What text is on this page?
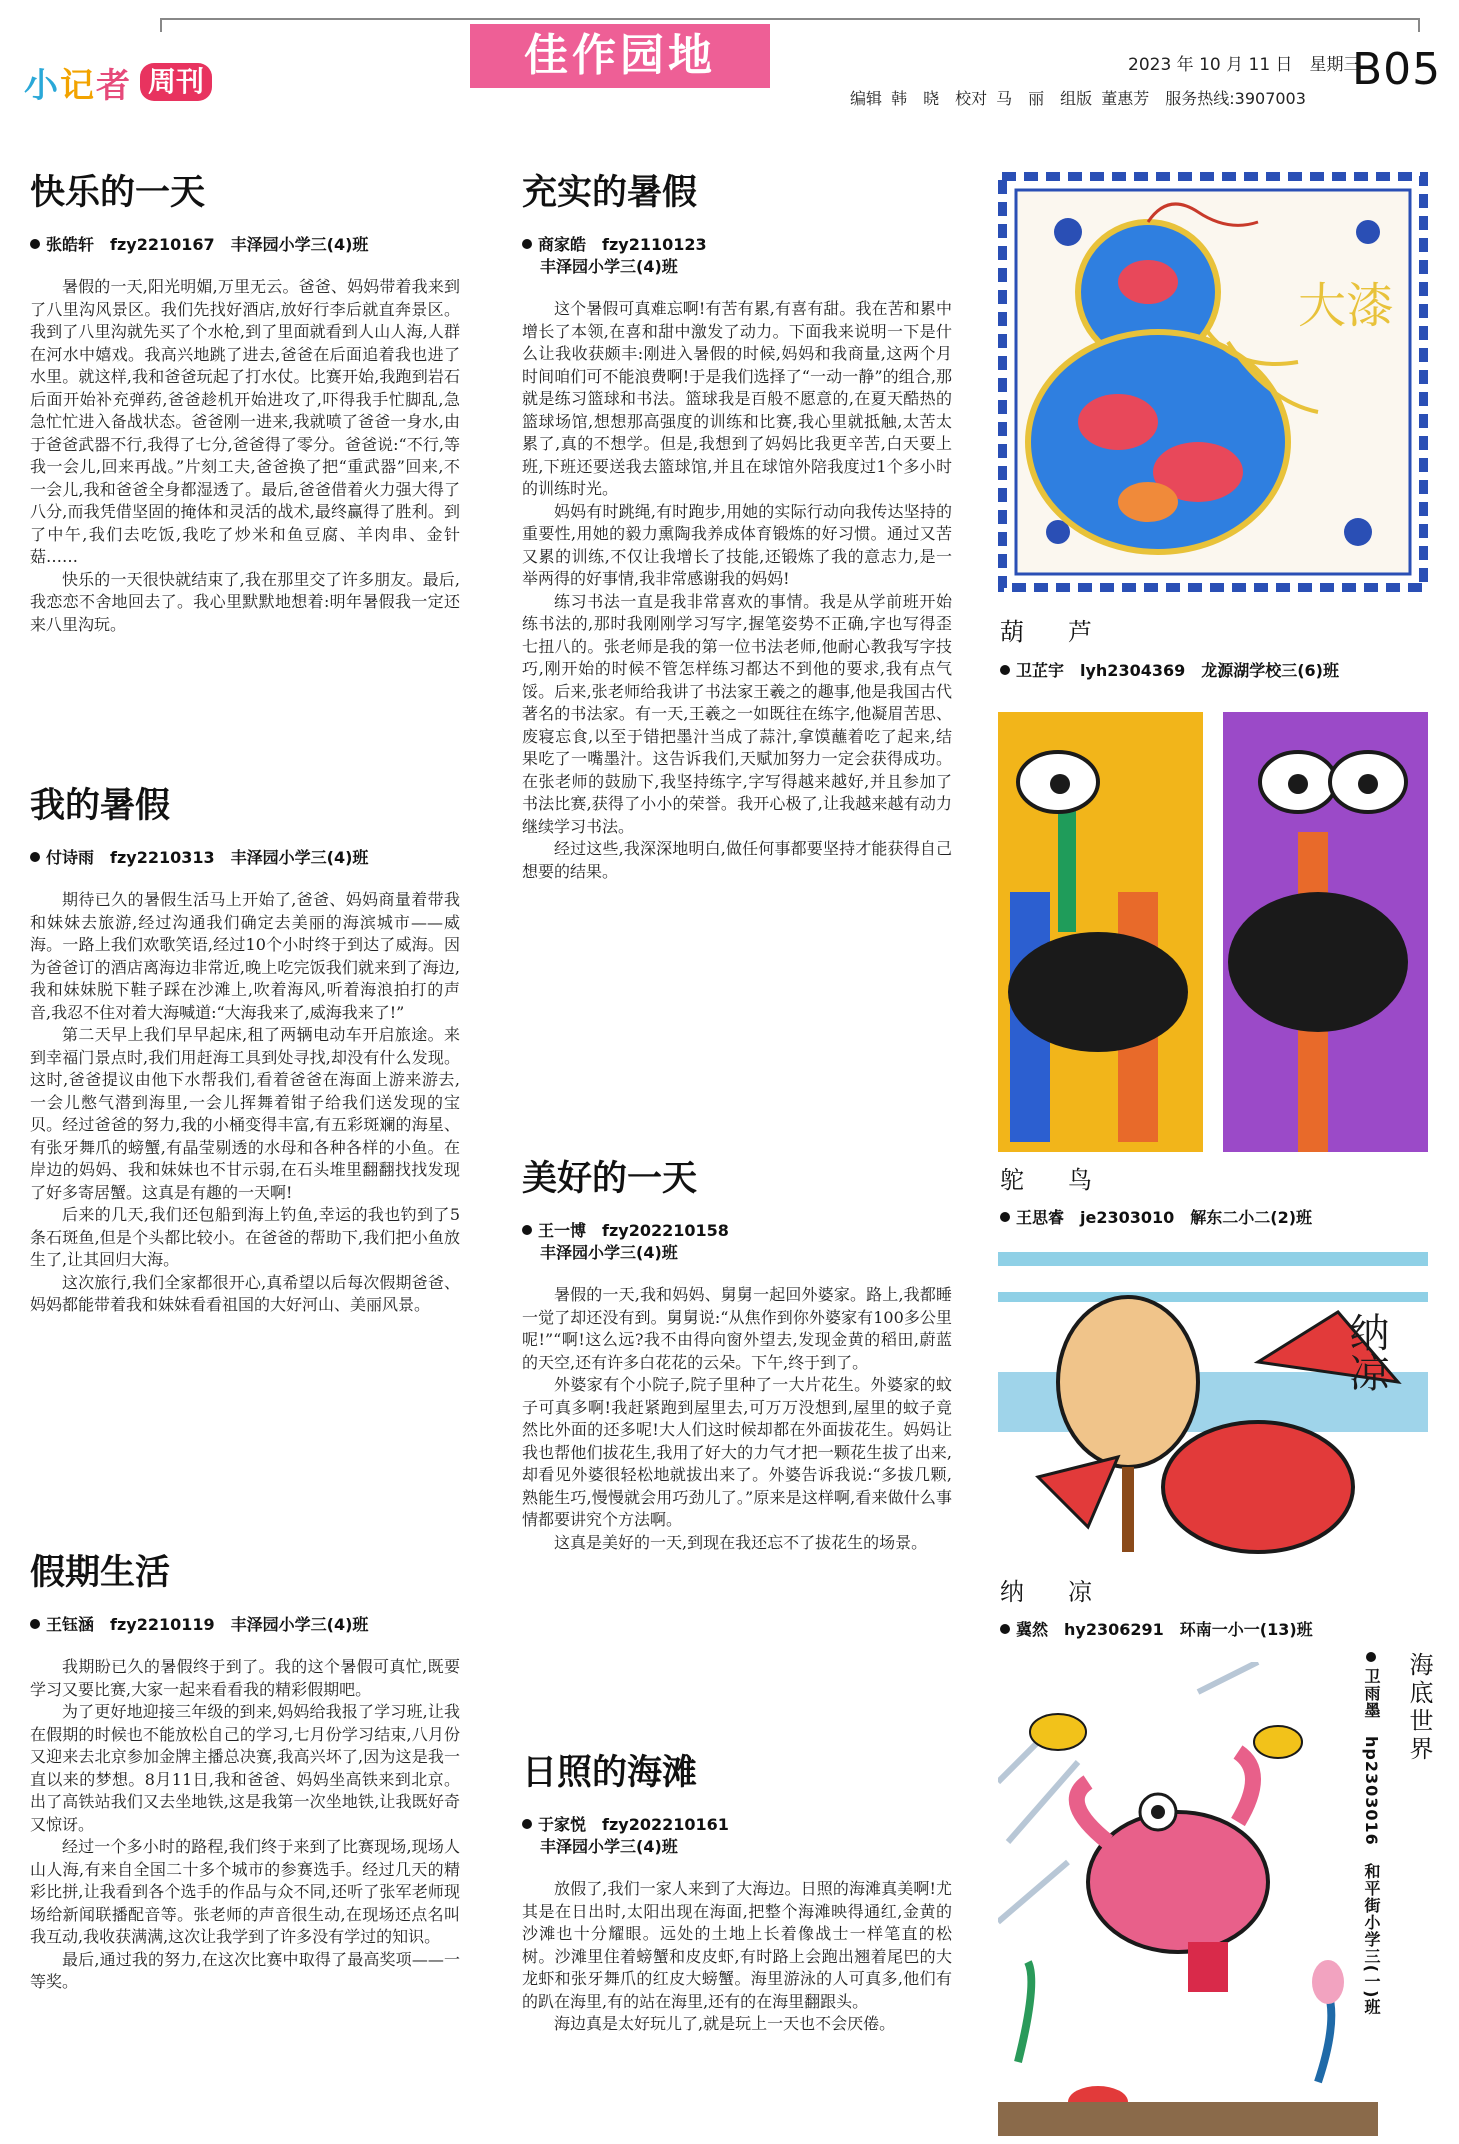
小 记 者 周刊
佳作园地	2023 年 10 月 11 日　星期三
B05
编辑 韩　晓　校对 马　丽　组版 董惠芳　服务热线:3907003
快乐的一天
张皓轩　fzy2210167　丰泽园小学三(4)班

暑假的一天,阳光明媚,万里无云。爸爸、妈妈带着我来到了八里沟风景区。我们先找好酒店,放好行李后就直奔景区。我到了八里沟就先买了个水枪,到了里面就看到人山人海,人群在河水中嬉戏。我高兴地跳了进去,爸爸在后面追着我也进了水里。就这样,我和爸爸玩起了打水仗。比赛开始,我跑到岩石后面开始补充弹药,爸爸趁机开始进攻了,吓得我手忙脚乱,急急忙忙进入备战状态。爸爸刚一进来,我就喷了爸爸一身水,由于爸爸武器不行,我得了七分,爸爸得了零分。爸爸说:“不行,等我一会儿,回来再战。”片刻工夫,爸爸换了把“重武器”回来,不一会儿,我和爸爸全身都湿透了。最后,爸爸借着火力强大得了八分,而我凭借坚固的掩体和灵活的战术,最终赢得了胜利。到了中午,我们去吃饭,我吃了炒米和鱼豆腐、羊肉串、金针菇……

快乐的一天很快就结束了,我在那里交了许多朋友。最后,我恋恋不舍地回去了。我心里默默地想着:明年暑假我一定还来八里沟玩。

我的暑假
付诗雨　fzy2210313　丰泽园小学三(4)班

期待已久的暑假生活马上开始了,爸爸、妈妈商量着带我和妹妹去旅游,经过沟通我们确定去美丽的海滨城市——威海。一路上我们欢歌笑语,经过10个小时终于到达了威海。因为爸爸订的酒店离海边非常近,晚上吃完饭我们就来到了海边,我和妹妹脱下鞋子踩在沙滩上,吹着海风,听着海浪拍打的声音,我忍不住对着大海喊道:“大海我来了,威海我来了!”

第二天早上我们早早起床,租了两辆电动车开启旅途。来到幸福门景点时,我们用赶海工具到处寻找,却没有什么发现。这时,爸爸提议由他下水帮我们,看着爸爸在海面上游来游去,一会儿憋气潜到海里,一会儿挥舞着钳子给我们送发现的宝贝。经过爸爸的努力,我的小桶变得丰富,有五彩斑斓的海星、有张牙舞爪的螃蟹,有晶莹剔透的水母和各种各样的小鱼。在岸边的妈妈、我和妹妹也不甘示弱,在石头堆里翻翻找找发现了好多寄居蟹。这真是有趣的一天啊!

后来的几天,我们还包船到海上钓鱼,幸运的我也钓到了5条石斑鱼,但是个头都比较小。在爸爸的帮助下,我们把小鱼放生了,让其回归大海。

这次旅行,我们全家都很开心,真希望以后每次假期爸爸、妈妈都能带着我和妹妹看看祖国的大好河山、美丽风景。

假期生活
王钰涵　fzy2210119　丰泽园小学三(4)班

我期盼已久的暑假终于到了。我的这个暑假可真忙,既要学习又要比赛,大家一起来看看我的精彩假期吧。

为了更好地迎接三年级的到来,妈妈给我报了学习班,让我在假期的时候也不能放松自己的学习,七月份学习结束,八月份又迎来去北京参加金牌主播总决赛,我高兴坏了,因为这是我一直以来的梦想。8月11日,我和爸爸、妈妈坐高铁来到北京。出了高铁站我们又去坐地铁,这是我第一次坐地铁,让我既好奇又惊讶。

经过一个多小时的路程,我们终于来到了比赛现场,现场人山人海,有来自全国二十多个城市的参赛选手。经过几天的精彩比拼,让我看到各个选手的作品与众不同,还听了张军老师现场给新闻联播配音等。张老师的声音很生动,在现场还点名叫我互动,我收获满满,这次让我学到了许多没有学过的知识。

最后,通过我的努力,在这次比赛中取得了最高奖项——一等奖。

充实的暑假
商家皓　fzy2110123
丰泽园小学三(4)班

这个暑假可真难忘啊!有苦有累,有喜有甜。我在苦和累中增长了本领,在喜和甜中激发了动力。下面我来说明一下是什么让我收获颇丰:刚进入暑假的时候,妈妈和我商量,这两个月时间咱们可不能浪费啊!于是我们选择了“一动一静”的组合,那就是练习篮球和书法。篮球我是百般不愿意的,在夏天酷热的篮球场馆,想想那高强度的训练和比赛,我心里就抵触,太苦太累了,真的不想学。但是,我想到了妈妈比我更辛苦,白天要上班,下班还要送我去篮球馆,并且在球馆外陪我度过1个多小时的训练时光。

妈妈有时跳绳,有时跑步,用她的实际行动向我传达坚持的重要性,用她的毅力熏陶我养成体育锻炼的好习惯。通过又苦又累的训练,不仅让我增长了技能,还锻炼了我的意志力,是一举两得的好事情,我非常感谢我的妈妈!

练习书法一直是我非常喜欢的事情。我是从学前班开始练书法的,那时我刚刚学习写字,握笔姿势不正确,字也写得歪七扭八的。张老师是我的第一位书法老师,他耐心教我写字技巧,刚开始的时候不管怎样练习都达不到他的要求,我有点气馁。后来,张老师给我讲了书法家王羲之的趣事,他是我国古代著名的书法家。有一天,王羲之一如既往在练字,他凝眉苦思、废寝忘食,以至于错把墨汁当成了蒜汁,拿馍蘸着吃了起来,结果吃了一嘴墨汁。这告诉我们,天赋加努力一定会获得成功。在张老师的鼓励下,我坚持练字,字写得越来越好,并且参加了书法比赛,获得了小小的荣誉。我开心极了,让我越来越有动力继续学习书法。

经过这些,我深深地明白,做任何事都要坚持才能获得自己想要的结果。

美好的一天
王一博　fzy202210158
丰泽园小学三(4)班

暑假的一天,我和妈妈、舅舅一起回外婆家。路上,我都睡一觉了却还没有到。舅舅说:“从焦作到你外婆家有100多公里呢!”“啊!这么远?我不由得向窗外望去,发现金黄的稻田,蔚蓝的天空,还有许多白花花的云朵。下午,终于到了。

外婆家有个小院子,院子里种了一大片花生。外婆家的蚊子可真多啊!我赶紧跑到屋里去,可万万没想到,屋里的蚊子竟然比外面的还多呢!大人们这时候却都在外面拔花生。妈妈让我也帮他们拔花生,我用了好大的力气才把一颗花生拔了出来,却看见外婆很轻松地就拔出来了。外婆告诉我说:“多拔几颗,熟能生巧,慢慢就会用巧劲儿了。”原来是这样啊,看来做什么事情都要讲究个方法啊。

这真是美好的一天,到现在我还忘不了拔花生的场景。

日照的海滩
于家悦　fzy202210161
丰泽园小学三(4)班

放假了,我们一家人来到了大海边。日照的海滩真美啊!尤其是在日出时,太阳出现在海面,把整个海滩映得通红,金黄的沙滩也十分耀眼。远处的土地上长着像战士一样笔直的松树。沙滩里住着螃蟹和皮皮虾,有时路上会跑出翘着尾巴的大龙虾和张牙舞爪的红皮大螃蟹。海里游泳的人可真多,他们有的趴在海里,有的站在海里,还有的在海里翻跟头。

海边真是太好玩儿了,就是玩上一天也不会厌倦。

大漆
葫　芦
卫芷宇　lyh2304369　龙源湖学校三(6)班
鸵　鸟
王思睿　je2303010　解东二小二(2)班
纳凉
纳　凉
冀然　hy2306291　环南一小一(13)班
海底世界
卫雨墨　hp2303016　和平街小学三(一)班
